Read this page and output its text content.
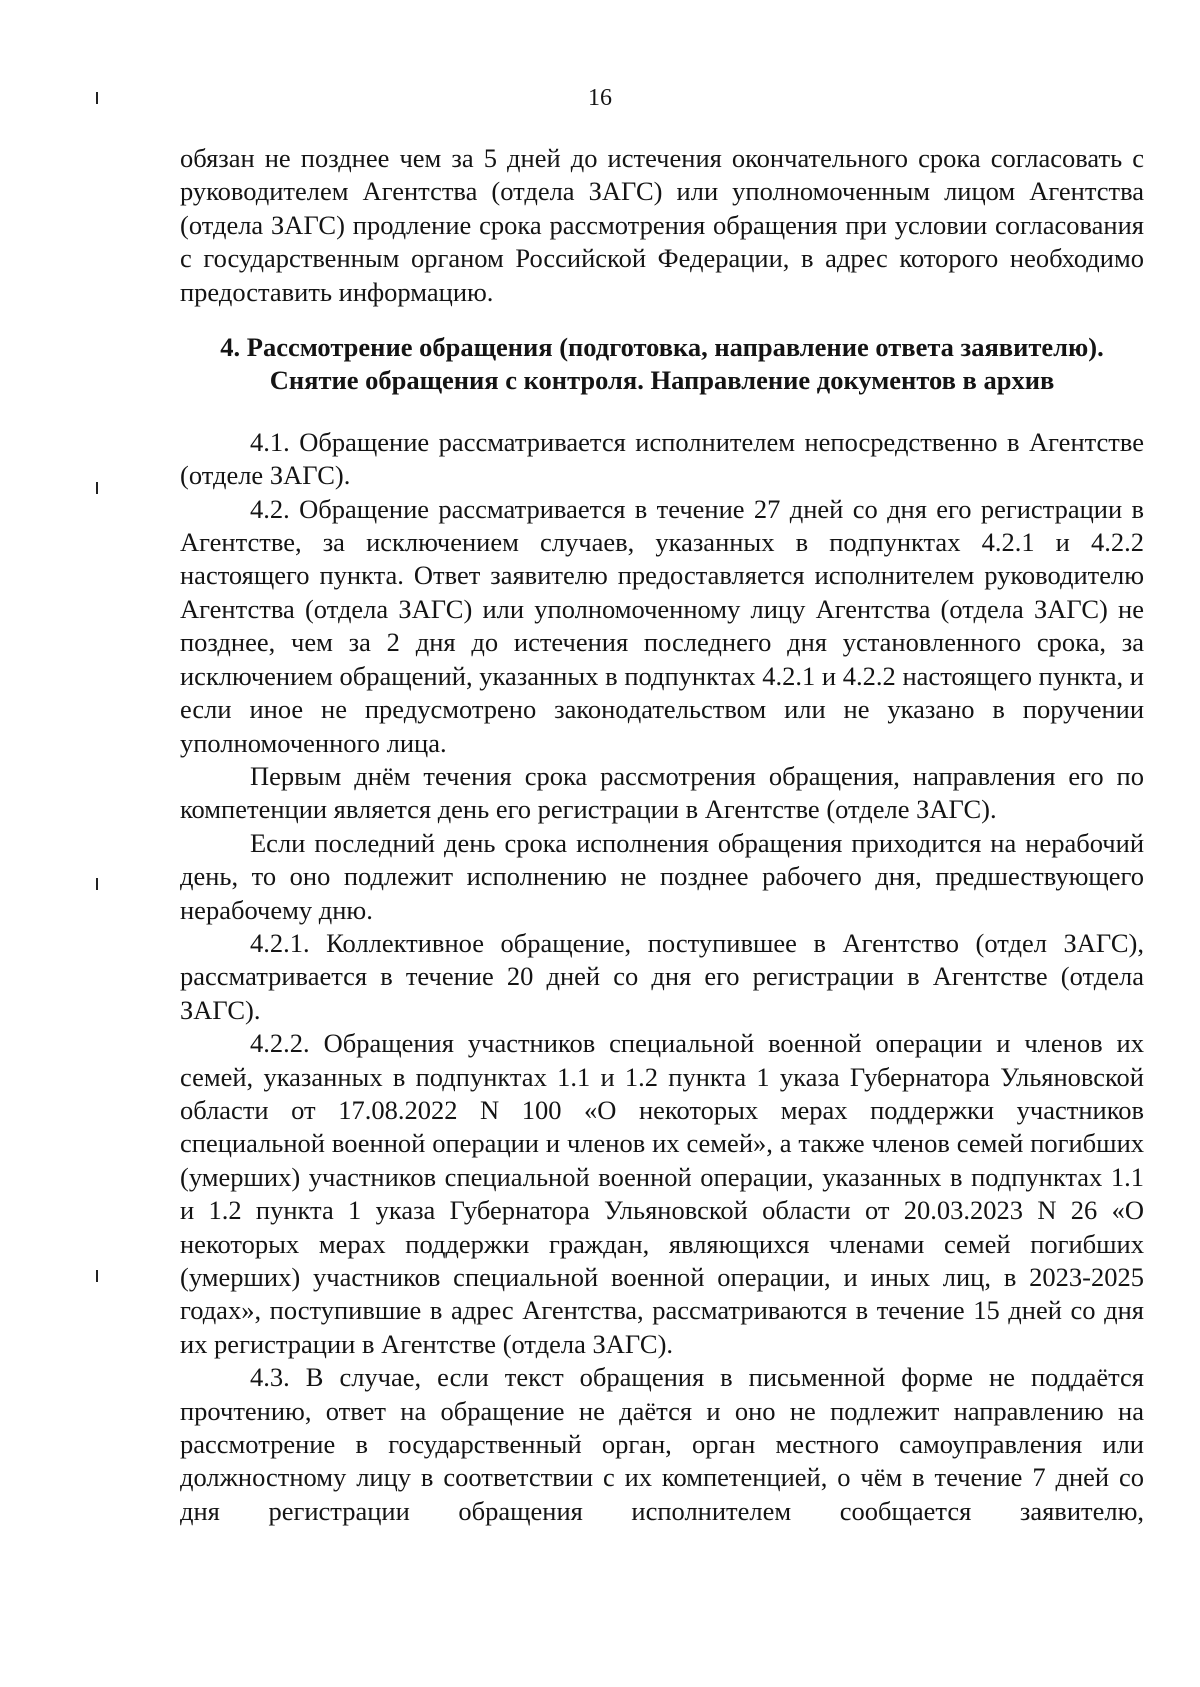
16

обязан не позднее чем за 5 дней до истечения окончательного срока согласовать с руководителем Агентства (отдела ЗАГС) или уполномоченным лицом Агентства (отдела ЗАГС) продление срока рассмотрения обращения при условии согласования с государственным органом Российской Федерации, в адрес которого необходимо предоставить информацию.

4. Рассмотрение обращения (подготовка, направление ответа заявителю).
Снятие обращения с контроля. Направление документов в архив

4.1. Обращение рассматривается исполнителем непосредственно в Агентстве (отделе ЗАГС).

4.2. Обращение рассматривается в течение 27 дней со дня его регистрации в Агентстве, за исключением случаев, указанных в подпунктах 4.2.1 и 4.2.2 настоящего пункта. Ответ заявителю предоставляется исполнителем руководителю Агентства (отдела ЗАГС) или уполномоченному лицу Агентства (отдела ЗАГС) не позднее, чем за 2 дня до истечения последнего дня установленного срока, за исключением обращений, указанных в подпунктах 4.2.1 и 4.2.2 настоящего пункта, и если иное не предусмотрено законодательством или не указано в поручении уполномоченного лица.

Первым днём течения срока рассмотрения обращения, направления его по компетенции является день его регистрации в Агентстве (отделе ЗАГС).

Если последний день срока исполнения обращения приходится на нерабочий день, то оно подлежит исполнению не позднее рабочего дня, предшествующего нерабочему дню.

4.2.1. Коллективное обращение, поступившее в Агентство (отдел ЗАГС), рассматривается в течение 20 дней со дня его регистрации в Агентстве (отдела ЗАГС).

4.2.2. Обращения участников специальной военной операции и членов их семей, указанных в подпунктах 1.1 и 1.2 пункта 1 указа Губернатора Ульяновской области от 17.08.2022 N 100 «О некоторых мерах поддержки участников специальной военной операции и членов их семей», а также членов семей погибших (умерших) участников специальной военной операции, указанных в подпунктах 1.1 и 1.2 пункта 1 указа Губернатора Ульяновской области от 20.03.2023 N 26 «О некоторых мерах поддержки граждан, являющихся членами семей погибших (умерших) участников специальной военной операции, и иных лиц, в 2023-2025 годах», поступившие в адрес Агентства, рассматриваются в течение 15 дней со дня их регистрации в Агентстве (отдела ЗАГС).

4.3. В случае, если текст обращения в письменной форме не поддаётся прочтению, ответ на обращение не даётся и оно не подлежит направлению на рассмотрение в государственный орган, орган местного самоуправления или должностному лицу в соответствии с их компетенцией, о чём в течение 7 дней со дня регистрации обращения исполнителем сообщается заявителю,
